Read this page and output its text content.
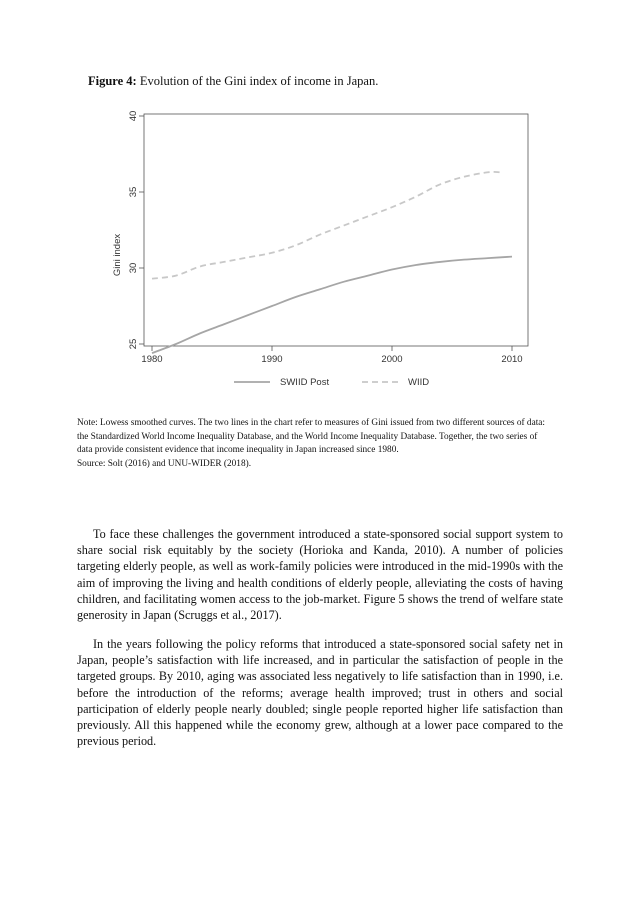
Figure 4: Evolution of the Gini index of income in Japan.
25
30
35
40
1980	1990	2000	2010
Gini index
SWIID Post	WIID

Note: Lowess smoothed curves. The two lines in the chart refer to measures of Gini issued from two different sources of data: the Standardized World Income Inequality Database, and the World Income Inequality Database. Together, the two series of data provide consistent evidence that income inequality in Japan increased since 1980.

Source: Solt (2016) and UNU-WIDER (2018).

To face these challenges the government introduced a state-sponsored social support system to share social risk equitably by the society (Horioka and Kanda, 2010). A number of policies targeting elderly people, as well as work-family policies were introduced in the mid-1990s with the aim of improving the living and health conditions of elderly people, alleviating the costs of having children, and facilitating women access to the job-market. Figure 5 shows the trend of welfare state generosity in Japan (Scruggs et al., 2017).

In the years following the policy reforms that introduced a state-sponsored social safety net in Japan, people’s satisfaction with life increased, and in particular the satisfaction of people in the targeted groups. By 2010, aging was associated less negatively to life satisfaction than in 1990, i.e. before the introduction of the reforms; average health improved; trust in others and social participation of elderly people nearly doubled; single people reported higher life satisfaction than previously. All this happened while the economy grew, although at a lower pace compared to the previous period.
